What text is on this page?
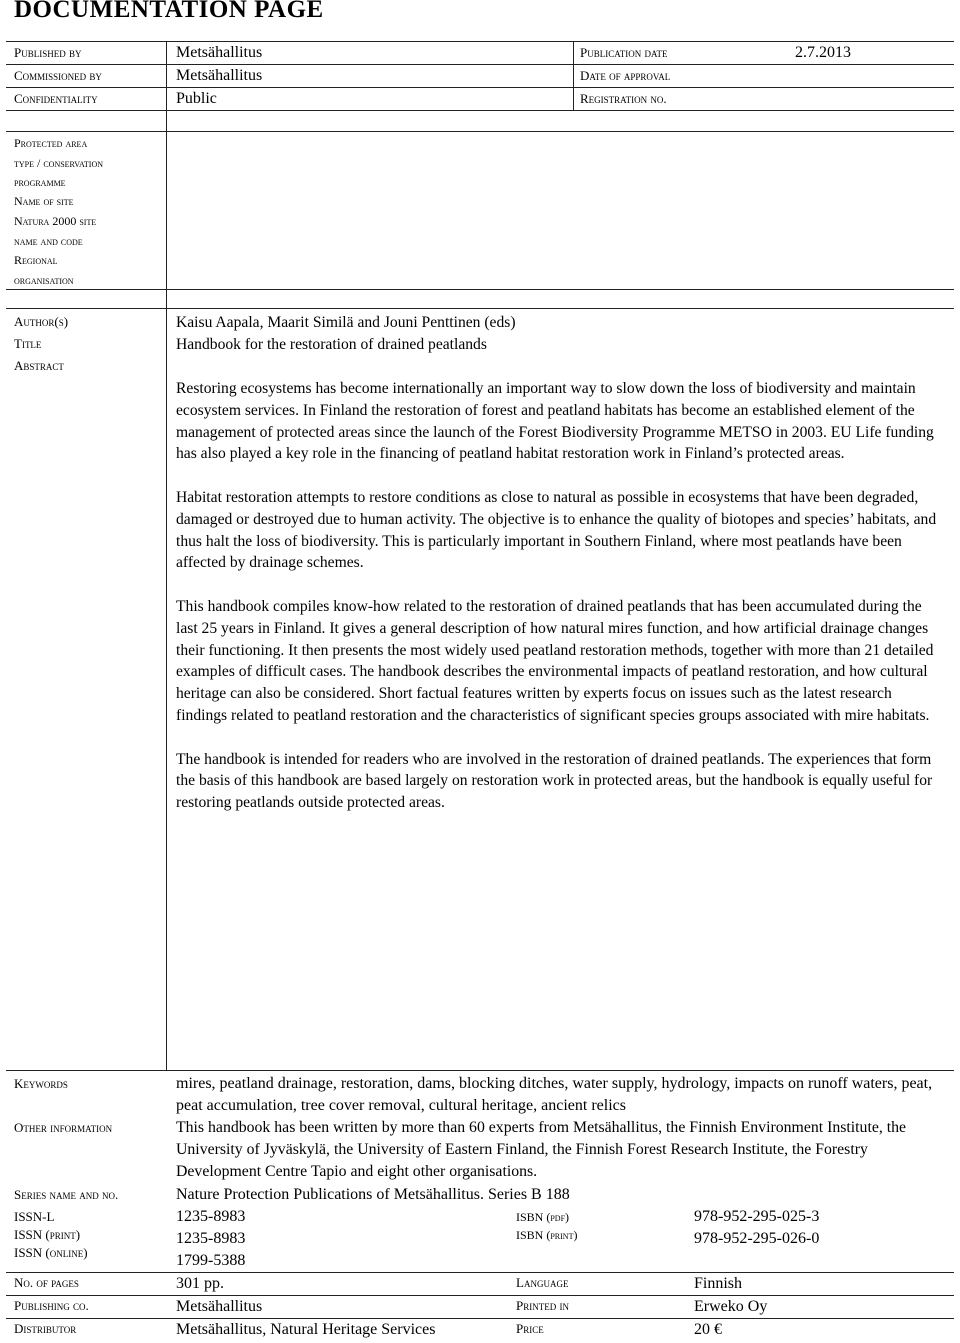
DOCUMENTATION PAGE
Published by	Metsähallitus	Publication date	2.7.2013
Commissioned by	Metsähallitus	Date of approval
Confidentiality	Public	Registration no.
Protected area
type / conservation
programme
Name of site
Natura 2000 site
name and code
Regional
organisation
Author(s)	Kaisu Aapala, Maarit Similä and Jouni Penttinen (eds)
Title	Handbook for the restoration of drained peatlands
Abstract

Restoring ecosystems has become internationally an important way to slow down the loss of biodiversity and maintain ecosystem services. In Finland the restoration of forest and peatland habitats has become an established element of the management of protected areas since the launch of the Forest Biodiversity Programme METSO in 2003. EU Life funding has also played a key role in the financing of peatland habitat restoration work in Finland’s protected areas.

Habitat restoration attempts to restore conditions as close to natural as possible in ecosystems that have been degraded, damaged or destroyed due to human activity. The objective is to enhance the quality of biotopes and species’ habitats, and thus halt the loss of biodiversity. This is particularly important in Southern Finland, where most peatlands have been affected by drainage schemes.

This handbook compiles know-how related to the restoration of drained peatlands that has been accumulated during the last 25 years in Finland. It gives a general description of how natural mires function, and how artificial drainage changes their functioning. It then presents the most widely used peatland restoration methods, together with more than 21 detailed examples of difficult cases. The handbook describes the environmental impacts of peatland restoration, and how cultural heritage can also be considered. Short factual features written by experts focus on issues such as the latest research findings related to peatland restoration and the characteristics of significant species groups associated with mire habitats.

The handbook is intended for readers who are involved in the restoration of drained peatlands. The experiences that form the basis of this handbook are based largely on restoration work in protected areas, but the handbook is equally useful for restoring peatlands outside protected areas.

Keywords	mires, peatland drainage, restoration, dams, blocking ditches, water supply, hydrology, impacts on runoff waters, peat, peat accumulation, tree cover removal, cultural heritage, ancient relics
Other information	This handbook has been written by more than 60 experts from Metsähallitus, the Finnish Environment Institute, the University of Jyväskylä, the University of Eastern Finland, the Finnish Forest Research Institute, the Forestry Development Centre Tapio and eight other organisations.
Series name and no.	Nature Protection Publications of Metsähallitus. Series B 188
ISSN-L	1235-8983
ISSN (print)	1235-8983
ISSN (online)	1799-5388
ISBN (pdf)	978-952-295-025-3
ISBN (print)	978-952-295-026-0
No. of pages	301 pp.	Language	Finnish
Publishing co.	Metsähallitus	Printed in	Erweko Oy
Distributor	Metsähallitus, Natural Heritage Services	Price	20 €
